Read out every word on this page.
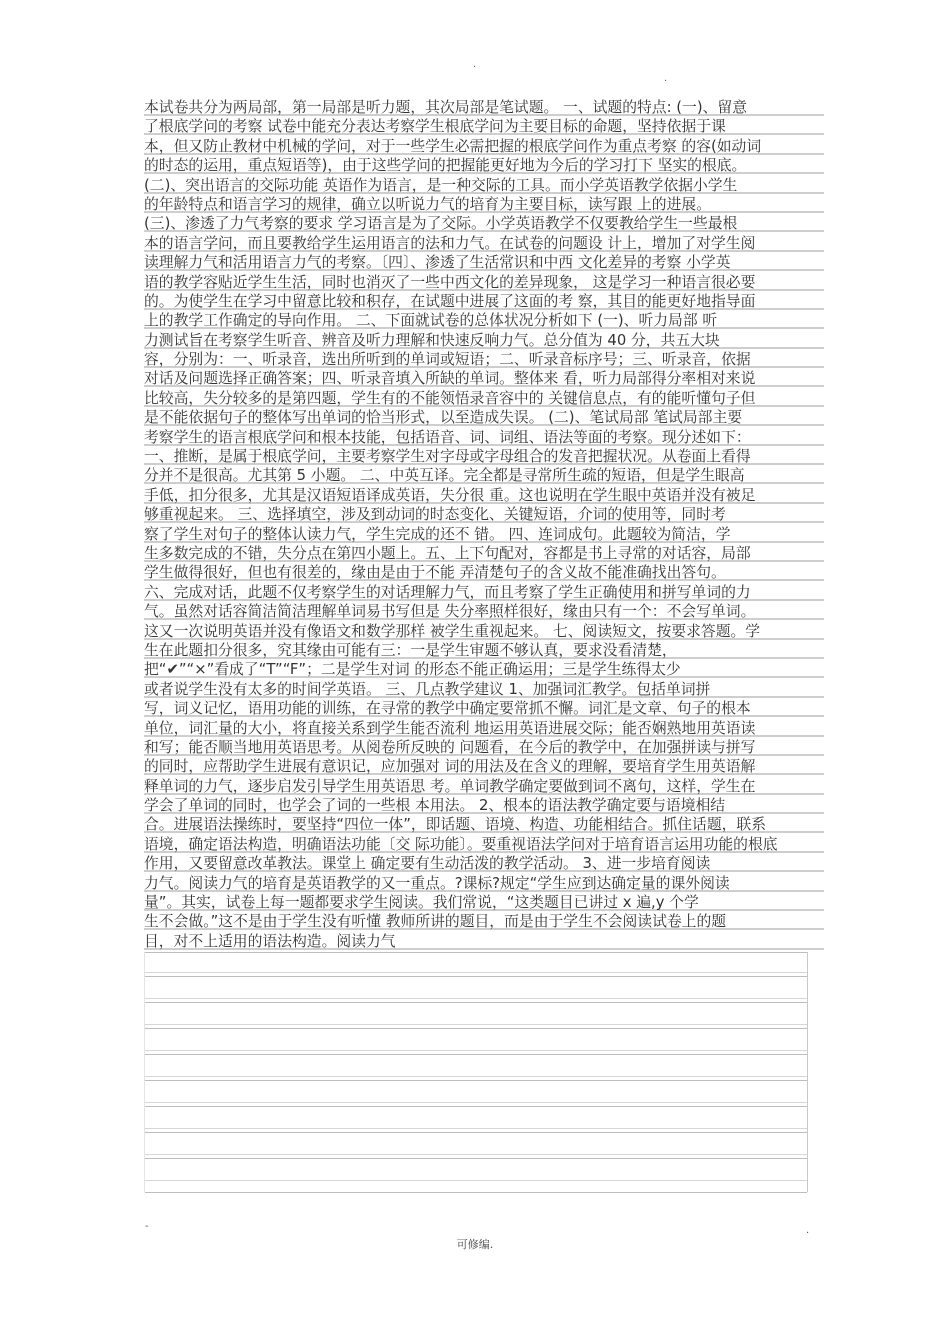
.
.
本试卷共分为两局部，第一局部是听力题，其次局部是笔试题。 一、试题的特点: (一)、留意
了根底学问的考察 试卷中能充分表达考察学生根底学问为主要目标的命题，坚持依据于课
本，但又防止教材中机械的学问，对于一些学生必需把握的根底学问作为重点考察 的容(如动词
的时态的运用，重点短语等)，由于这些学问的把握能更好地为今后的学习打下 坚实的根底。
(二)、突出语言的交际功能 英语作为语言，是一种交际的工具。而小学英语教学依据小学生
的年龄特点和语言学习的规律，确立以听说力气的培育为主要目标，读写跟 上的进展。
(三)、渗透了力气考察的要求 学习语言是为了交际。小学英语教学不仅要教给学生一些最根
本的语言学问，而且要教给学生运用语言的法和力气。在试卷的问题设 计上，增加了对学生阅
读理解力气和活用语言力气的考察。〔四〕、渗透了生活常识和中西 文化差异的考察 小学英
语的教学容贴近学生生活，同时也消灭了一些中西文化的差异现象， 这是学习一种语言很必要
的。为使学生在学习中留意比较和积存，在试题中进展了这面的考 察，其目的能更好地指导面
上的教学工作确定的导向作用。 二、下面就试卷的总体状况分析如下 (一)、听力局部 听
力测试旨在考察学生听音、辨音及听力理解和快速反响力气。总分值为 40 分，共五大块
容，分别为：一、听录音，选出所听到的单词或短语；二、听录音标序号；三、听录音，依据
对话及问题选择正确答案；四、听录音填入所缺的单词。整体来 看，听力局部得分率相对来说
比较高，失分较多的是第四题，学生有的不能领悟录音容中的 关键信息点，有的能听懂句子但
是不能依据句子的整体写出单词的恰当形式，以至造成失误。 (二)、笔试局部 笔试局部主要
考察学生的语言根底学问和根本技能，包括语音、词、词组、语法等面的考察。现分述如下：
一、推断，是属于根底学问，主要考察学生对字母或字母组合的发音把握状况。从卷面上看得
分并不是很高。尤其第 5 小题。 二、中英互译。完全都是寻常所生疏的短语，但是学生眼高
手低，扣分很多，尤其是汉语短语译成英语，失分很 重。这也说明在学生眼中英语并没有被足
够重视起来。 三、选择填空，涉及到动词的时态变化、关键短语，介词的使用等，同时考
察了学生对句子的整体认读力气，学生完成的还不 错。 四、连词成句。此题较为简洁，学
生多数完成的不错，失分点在第四小题上。五、上下句配对，容都是书上寻常的对话容，局部
学生做得很好，但也有很差的，缘由是由于不能 弄清楚句子的含义故不能准确找出答句。
六、完成对话，此题不仅考察学生的对话理解力气，而且考察了学生正确使用和拼写单词的力
气。虽然对话容简洁简洁理解单词易书写但是 失分率照样很好，缘由只有一个：不会写单词。
这又一次说明英语并没有像语文和数学那样 被学生重视起来。 七、阅读短文，按要求答题。学
生在此题扣分很多，究其缘由可能有三：一是学生审题不够认真，要求没看清楚，
把“✔”“×”看成了“T”“F”；二是学生对词 的形态不能正确运用；三是学生练得太少
或者说学生没有太多的时间学英语。 三、几点教学建议 1、加强词汇教学。包括单词拼
写，词义记忆，语用功能的训练，在寻常的教学中确定要常抓不懈。词汇是文章、句子的根本
单位，词汇量的大小，将直接关系到学生能否流利 地运用英语进展交际；能否娴熟地用英语读
和写；能否顺当地用英语思考。从阅卷所反映的 问题看，在今后的教学中，在加强拼读与拼写
的同时，应帮助学生进展有意识记，应加强对 词的用法及在含义的理解，要培育学生用英语解
释单词的力气，逐步启发引导学生用英语思 考。单词教学确定要做到词不离句，这样，学生在
学会了单词的同时，也学会了词的一些根 本用法。 2、根本的语法教学确定要与语境相结
合。进展语法操练时，要坚持“四位一体”，即话题、语境、构造、功能相结合。抓住话题，联系
语境，确定语法构造，明确语法功能〔交 际功能〕。要重视语法学问对于培育语言运用功能的根底
作用，又要留意改革教法。课堂上 确定要有生动活泼的教学活动。 3、进一步培育阅读
力气。阅读力气的培育是英语教学的又一重点。?课标?规定“学生应到达确定量的课外阅读
量”。其实，试卷上每一题都要求学生阅读。我们常说，“这类题目已讲过 x 遍,y 个学
生不会做。”这不是由于学生没有听懂 教师所讲的题目，而是由于学生不会阅读试卷上的题
目，对不上适用的语法构造。阅读力气
-	.
可修编.
